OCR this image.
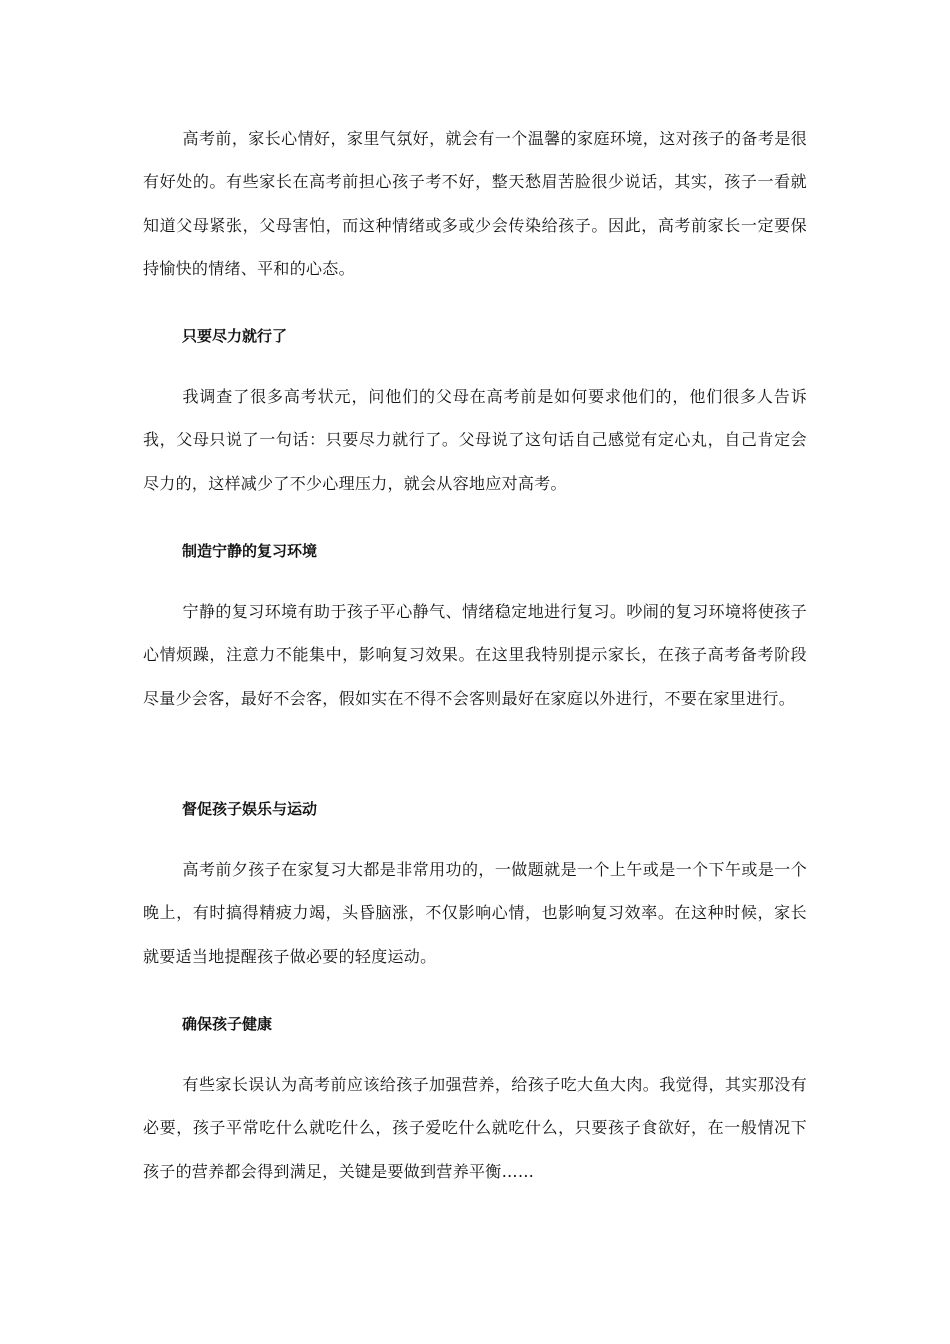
高考前，家长心情好，家里气氛好，就会有一个温馨的家庭环境，这对孩子的备考是很有好处的。有些家长在高考前担心孩子考不好，整天愁眉苦脸很少说话，其实，孩子一看就知道父母紧张，父母害怕，而这种情绪或多或少会传染给孩子。因此，高考前家长一定要保持愉快的情绪、平和的心态。

只要尽力就行了

我调查了很多高考状元，问他们的父母在高考前是如何要求他们的，他们很多人告诉我，父母只说了一句话：只要尽力就行了。父母说了这句话自己感觉有定心丸，自己肯定会尽力的，这样减少了不少心理压力，就会从容地应对高考。

制造宁静的复习环境

宁静的复习环境有助于孩子平心静气、情绪稳定地进行复习。吵闹的复习环境将使孩子心情烦躁，注意力不能集中，影响复习效果。在这里我特别提示家长，在孩子高考备考阶段尽量少会客，最好不会客，假如实在不得不会客则最好在家庭以外进行，不要在家里进行。

督促孩子娱乐与运动

高考前夕孩子在家复习大都是非常用功的，一做题就是一个上午或是一个下午或是一个晚上，有时搞得精疲力竭，头昏脑涨，不仅影响心情，也影响复习效率。在这种时候，家长就要适当地提醒孩子做必要的轻度运动。

确保孩子健康

有些家长误认为高考前应该给孩子加强营养，给孩子吃大鱼大肉。我觉得，其实那没有必要，孩子平常吃什么就吃什么，孩子爱吃什么就吃什么，只要孩子食欲好，在一般情况下孩子的营养都会得到满足，关键是要做到营养平衡……
